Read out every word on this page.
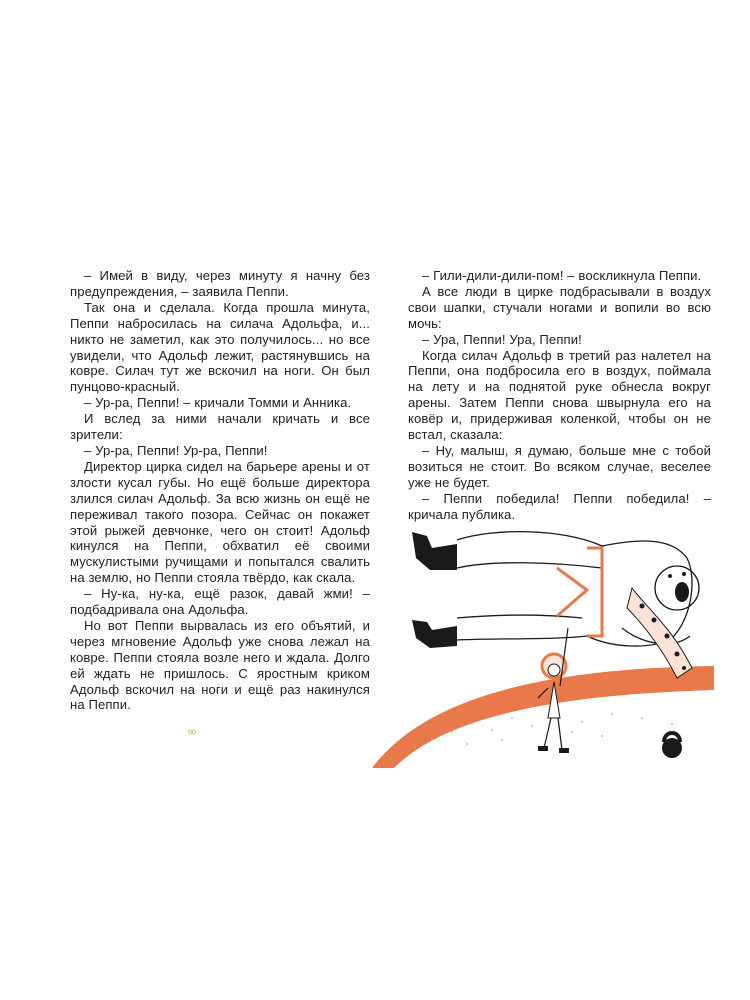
– Имей в виду, через минуту я начну без предупреждения, – заявила Пеппи.

Так она и сделала. Когда прошла минута, Пеппи набросилась на силача Адольфа, и... никто не заметил, как это получилось... но все увидели, что Адольф лежит, растянувшись на ковре. Силач тут же вскочил на ноги. Он был пунцово-красный.

– Ур-ра, Пеппи! – кричали Томми и Анника.

И вслед за ними начали кричать и все зрители:

– Ур-ра, Пеппи! Ур-ра, Пеппи!

Директор цирка сидел на барьере арены и от злости кусал губы. Но ещё больше директора злился силач Адольф. За всю жизнь он ещё не переживал такого позора. Сейчас он покажет этой рыжей девчонке, чего он стоит! Адольф кинулся на Пеппи, обхватил её своими мускулистыми ручищами и попытался свалить на землю, но Пеппи стояла твёрдо, как скала.

– Ну-ка, ну-ка, ещё разок, давай жми! – подбадривала она Адольфа.

Но вот Пеппи вырвалась из его объятий, и через мгновение Адольф уже снова лежал на ковре. Пеппи стояла возле него и ждала. Долго ей ждать не пришлось. С яростным криком Адольф вскочил на ноги и ещё раз накинулся на Пеппи.

90

– Гили-дили-дили-пом! – воскликнула Пеппи.

А все люди в цирке подбрасывали в воздух свои шапки, стучали ногами и вопили во всю мочь:

– Ура, Пеппи! Ура, Пеппи!

Когда силач Адольф в третий раз налетел на Пеппи, она подбросила его в воздух, поймала на лету и на поднятой руке обнесла вокруг арены. Затем Пеппи снова швырнула его на ковёр и, придерживая коленкой, чтобы он не встал, сказала:

– Ну, малыш, я думаю, больше мне с тобой возиться не стоит. Во всяком случае, веселее уже не будет.

– Пеппи победила! Пеппи победила! – кричала публика.
